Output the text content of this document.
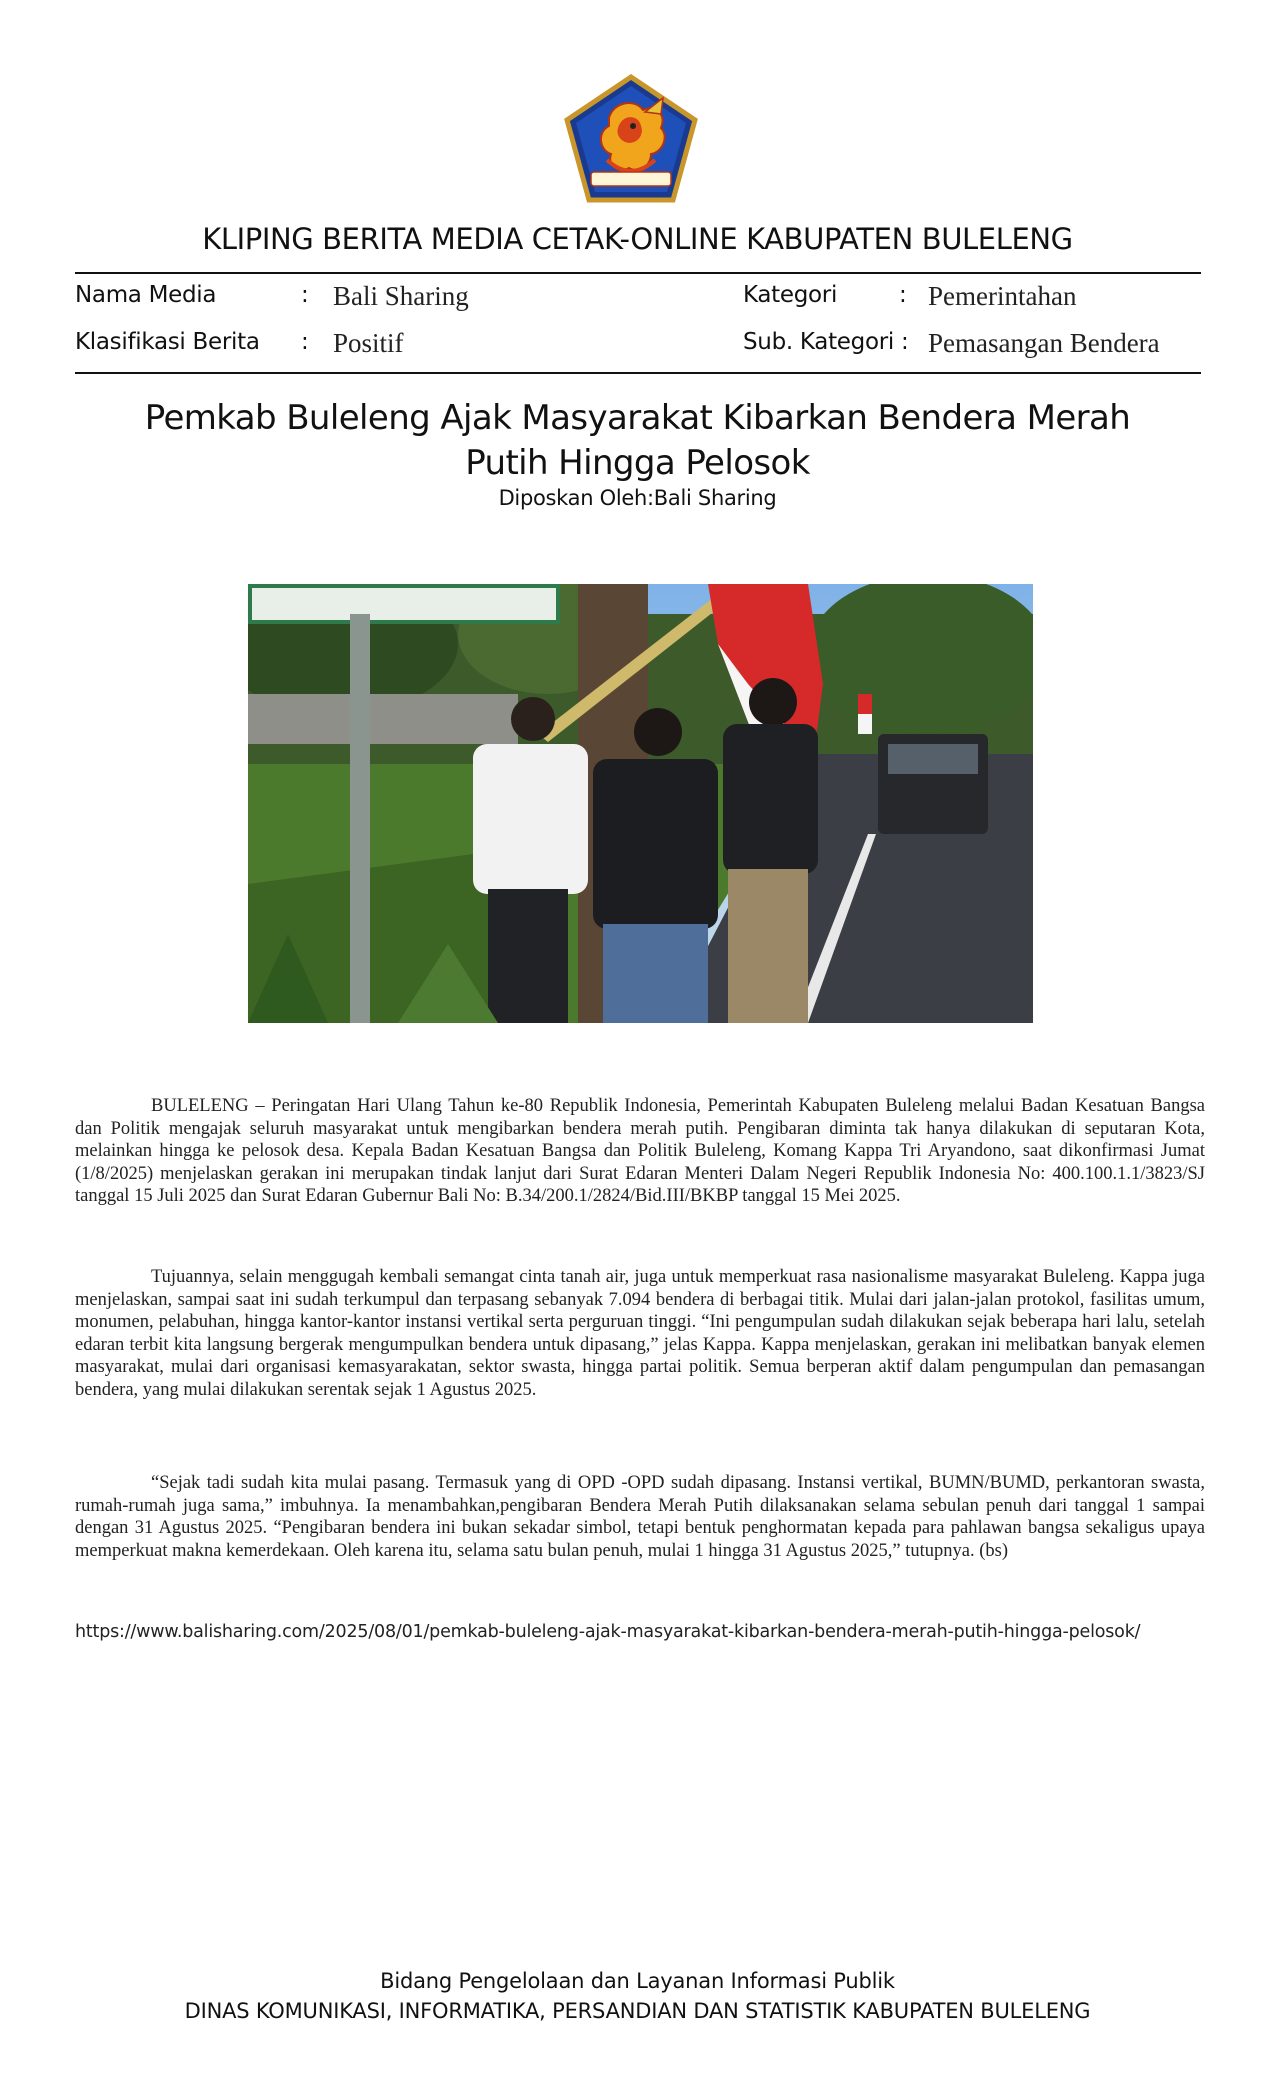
KLIPING BERITA MEDIA CETAK-ONLINE KABUPATEN BULELENG
Nama Media	: Bali Sharing
Klasifikasi Berita : Positif
Kategori	: Pemerintahan
Sub. Kategori : Pemasangan Bendera
Pemkab Buleleng Ajak Masyarakat Kibarkan Bendera Merah Putih Hingga Pelosok
Diposkan Oleh:Bali Sharing

BULELENG – Peringatan Hari Ulang Tahun ke-80 Republik Indonesia, Pemerintah Kabupaten Buleleng melalui Badan Kesatuan Bangsa dan Politik mengajak seluruh masyarakat untuk mengibarkan bendera merah putih. Pengibaran diminta tak hanya dilakukan di seputaran Kota, melainkan hingga ke pelosok desa. Kepala Badan Kesatuan Bangsa dan Politik Buleleng, Komang Kappa Tri Aryandono, saat dikonfirmasi Jumat (1/8/2025) menjelaskan gerakan ini merupakan tindak lanjut dari Surat Edaran Menteri Dalam Negeri Republik Indonesia No: 400.100.1.1/3823/SJ tanggal 15 Juli 2025 dan Surat Edaran Gubernur Bali No: B.34/200.1/2824/Bid.III/BKBP tanggal 15 Mei 2025.

Tujuannya, selain menggugah kembali semangat cinta tanah air, juga untuk memperkuat rasa nasionalisme masyarakat Buleleng. Kappa juga menjelaskan, sampai saat ini sudah terkumpul dan terpasang sebanyak 7.094 bendera di berbagai titik. Mulai dari jalan-jalan protokol, fasilitas umum, monumen, pelabuhan, hingga kantor-kantor instansi vertikal serta perguruan tinggi. “Ini pengumpulan sudah dilakukan sejak beberapa hari lalu, setelah edaran terbit kita langsung bergerak mengumpulkan bendera untuk dipasang,” jelas Kappa. Kappa menjelaskan, gerakan ini melibatkan banyak elemen masyarakat, mulai dari organisasi kemasyarakatan, sektor swasta, hingga partai politik. Semua berperan aktif dalam pengumpulan dan pemasangan bendera, yang mulai dilakukan serentak sejak 1 Agustus 2025.

“Sejak tadi sudah kita mulai pasang. Termasuk yang di OPD -OPD sudah dipasang. Instansi vertikal, BUMN/BUMD, perkantoran swasta, rumah-rumah juga sama,” imbuhnya. Ia menambahkan,pengibaran Bendera Merah Putih dilaksanakan selama sebulan penuh dari tanggal 1 sampai dengan 31 Agustus 2025. “Pengibaran bendera ini bukan sekadar simbol, tetapi bentuk penghormatan kepada para pahlawan bangsa sekaligus upaya memperkuat makna kemerdekaan. Oleh karena itu, selama satu bulan penuh, mulai 1 hingga 31 Agustus 2025,” tutupnya. (bs)

https://www.balisharing.com/2025/08/01/pemkab-buleleng-ajak-masyarakat-kibarkan-bendera-merah-putih-hingga-pelosok/
Bidang Pengelolaan dan Layanan Informasi Publik
DINAS KOMUNIKASI, INFORMATIKA, PERSANDIAN DAN STATISTIK KABUPATEN BULELENG
